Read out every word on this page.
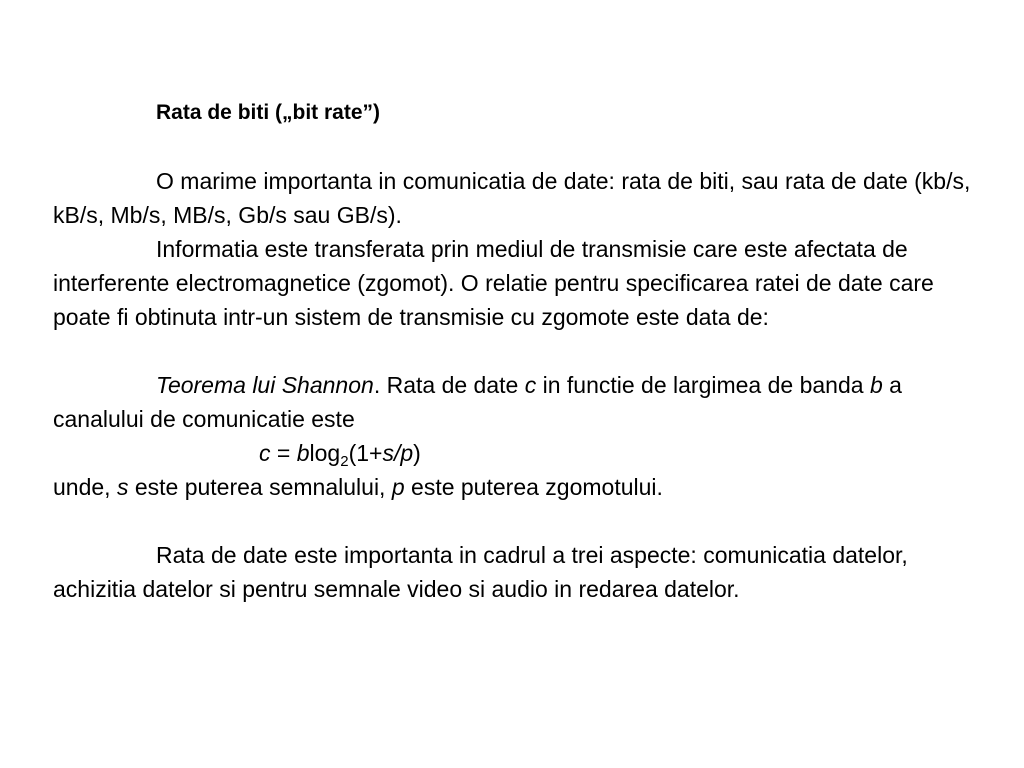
Rata de biti („bit rate”)

O marime importanta in comunicatia de date: rata de biti, sau rata de date (kb/s, kB/s, Mb/s, MB/s, Gb/s sau GB/s).

Informatia este transferata prin mediul de transmisie care este afectata de interferente electromagnetice (zgomot). O relatie pentru specificarea ratei de date care poate fi obtinuta intr-un sistem de transmisie cu zgomote este data de:

Teorema lui Shannon. Rata de date c in functie de largimea de banda b a canalului de comunicatie este

c = blog$_2$(1+s/p)

unde, s este puterea semnalului, p este puterea zgomotului.

Rata de date este importanta in cadrul a trei aspecte: comunicatia datelor, achizitia datelor si pentru semnale video si audio in redarea datelor.
